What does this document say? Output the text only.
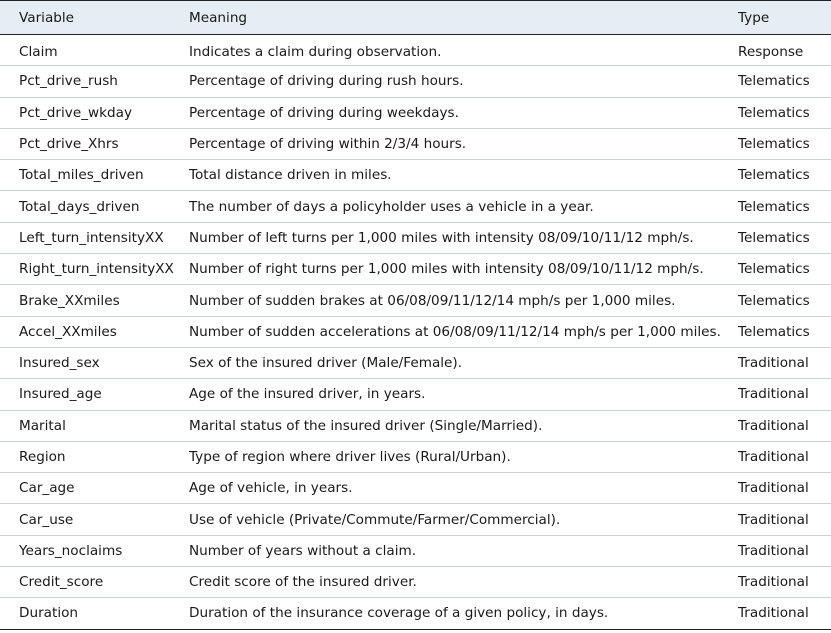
Variable	Meaning	Type
Claim	Indicates a claim during observation.	Response
Pct_drive_rush	Percentage of driving during rush hours.	Telematics
Pct_drive_wkday	Percentage of driving during weekdays.	Telematics
Pct_drive_Xhrs	Percentage of driving within 2/3/4 hours.	Telematics
Total_miles_driven	Total distance driven in miles.	Telematics
Total_days_driven	The number of days a policyholder uses a vehicle in a year.	Telematics
Left_turn_intensityXX	Number of left turns per 1,000 miles with intensity 08/09/10/11/12 mph/s.	Telematics
Right_turn_intensityXX	Number of right turns per 1,000 miles with intensity 08/09/10/11/12 mph/s.	Telematics
Brake_XXmiles	Number of sudden brakes at 06/08/09/11/12/14 mph/s per 1,000 miles.	Telematics
Accel_XXmiles	Number of sudden accelerations at 06/08/09/11/12/14 mph/s per 1,000 miles.	Telematics
Insured_sex	Sex of the insured driver (Male/Female).	Traditional
Insured_age	Age of the insured driver, in years.	Traditional
Marital	Marital status of the insured driver (Single/Married).	Traditional
Region	Type of region where driver lives (Rural/Urban).	Traditional
Car_age	Age of vehicle, in years.	Traditional
Car_use	Use of vehicle (Private/Commute/Farmer/Commercial).	Traditional
Years_noclaims	Number of years without a claim.	Traditional
Credit_score	Credit score of the insured driver.	Traditional
Duration	Duration of the insurance coverage of a given policy, in days.	Traditional
